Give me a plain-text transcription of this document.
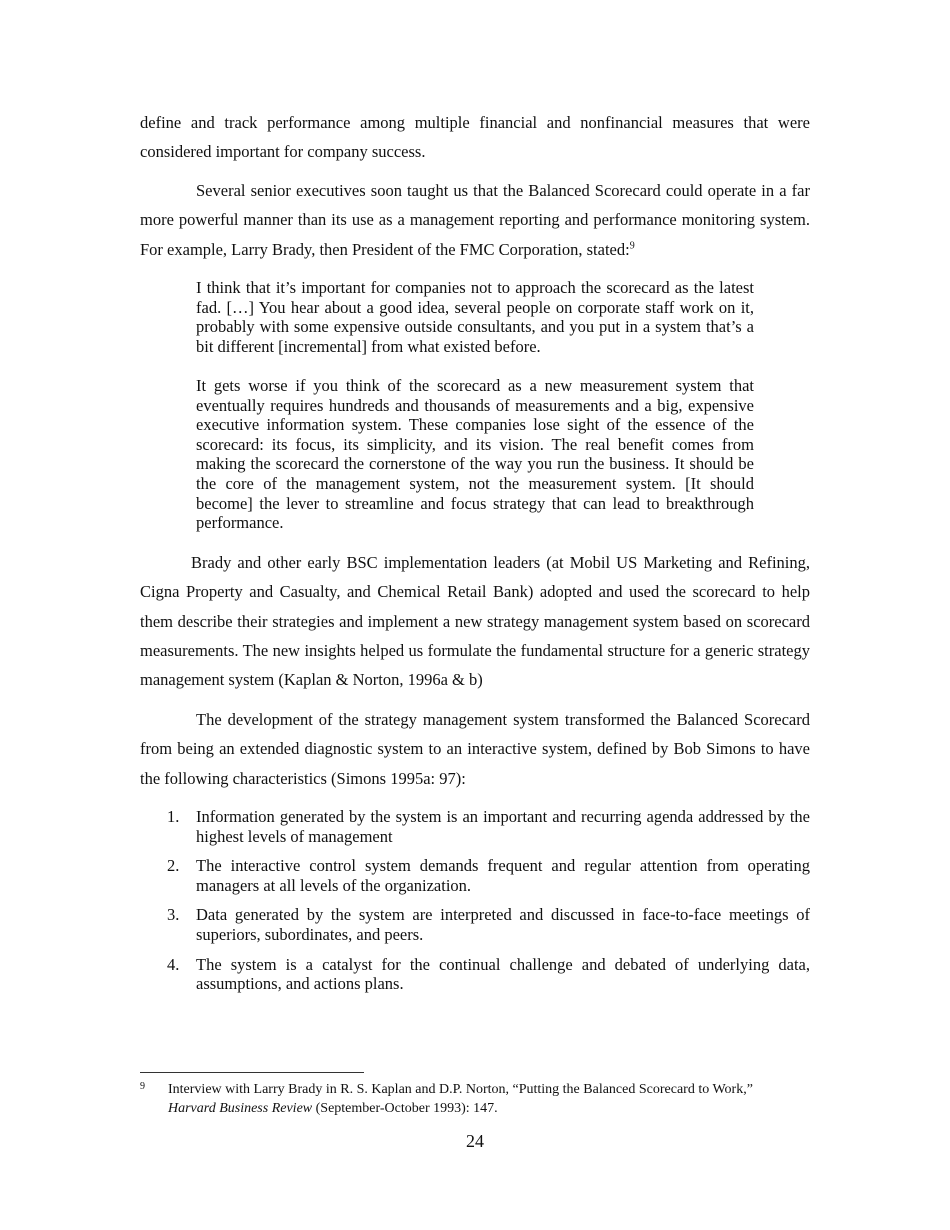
define and track performance among multiple financial and nonfinancial measures that were considered important for company success.

Several senior executives soon taught us that the Balanced Scorecard could operate in a far more powerful manner than its use as a management reporting and performance monitoring system. For example, Larry Brady, then President of the FMC Corporation, stated:$^9$

I think that it’s important for companies not to approach the scorecard as the latest fad. […] You hear about a good idea, several people on corporate staff work on it, probably with some expensive outside consultants, and you put in a system that’s a bit different [incremental] from what existed before.

It gets worse if you think of the scorecard as a new measurement system that eventually requires hundreds and thousands of measurements and a big, expensive executive information system. These companies lose sight of the essence of the scorecard: its focus, its simplicity, and its vision. The real benefit comes from making the scorecard the cornerstone of the way you run the business. It should be the core of the management system, not the measurement system. [It should become] the lever to streamline and focus strategy that can lead to breakthrough performance.

Brady and other early BSC implementation leaders (at Mobil US Marketing and Refining, Cigna Property and Casualty, and Chemical Retail Bank) adopted and used the scorecard to help them describe their strategies and implement a new strategy management system based on scorecard measurements. The new insights helped us formulate the fundamental structure for a generic strategy management system (Kaplan & Norton, 1996a & b)

The development of the strategy management system transformed the Balanced Scorecard from being an extended diagnostic system to an interactive system, defined by Bob Simons to have the following characteristics (Simons 1995a: 97):

1. Information generated by the system is an important and recurring agenda addressed by the highest levels of management
2. The interactive control system demands frequent and regular attention from operating managers at all levels of the organization.
3. Data generated by the system are interpreted and discussed in face-to-face meetings of superiors, subordinates, and peers.
4. The system is a catalyst for the continual challenge and debated of underlying data, assumptions, and actions plans.

9	Interview with Larry Brady in R. S. Kaplan and D.P. Norton, “Putting the Balanced Scorecard to Work,” Harvard Business Review (September-October 1993): 147.

24
